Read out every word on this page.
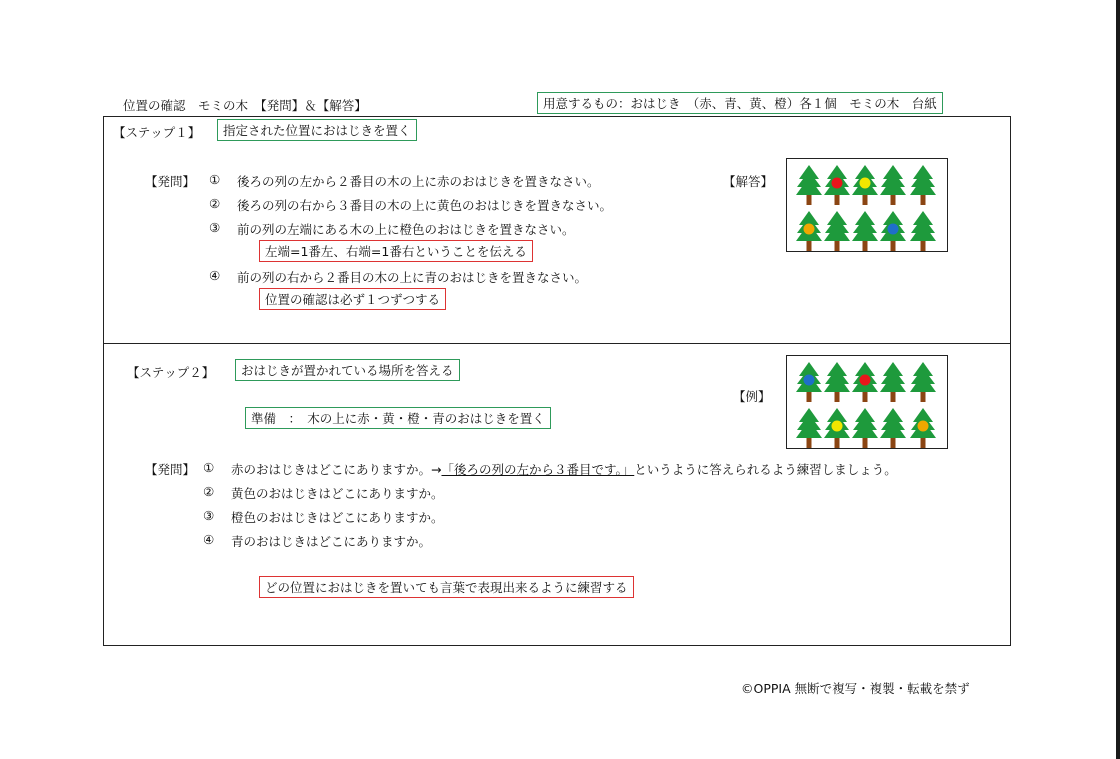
位置の確認　モミの木　【発問】＆【解答】	用意するもの：おはじき　（赤、青、黄、橙）各１個　モミの木　台紙
【ステップ１】	指定された位置におはじきを置く
【発問】 ① 後ろの列の左から２番目の木の上に赤のおはじきを置きなさい。
② 後ろの列の右から３番目の木の上に黄色のおはじきを置きなさい。
③ 前の列の左端にある木の上に橙色のおはじきを置きなさい。
左端=1番左、右端=1番右ということを伝える
④ 前の列の右から２番目の木の上に青のおはじきを置きなさい。
位置の確認は必ず１つずつする
【解答】
【ステップ２】	おはじきが置かれている場所を答える
【例】
準備　：　木の上に赤・黄・橙・青のおはじきを置く
【発問】 ① 赤のおはじきはどこにありますか。→「後ろの列の左から３番目です。」というように答えられるよう練習しましょう。
② 黄色のおはじきはどこにありますか。
③ 橙色のおはじきはどこにありますか。
④ 青のおはじきはどこにありますか。
どの位置におはじきを置いても言葉で表現出来るように練習する
©OPPIA 無断で複写・複製・転載を禁ず
